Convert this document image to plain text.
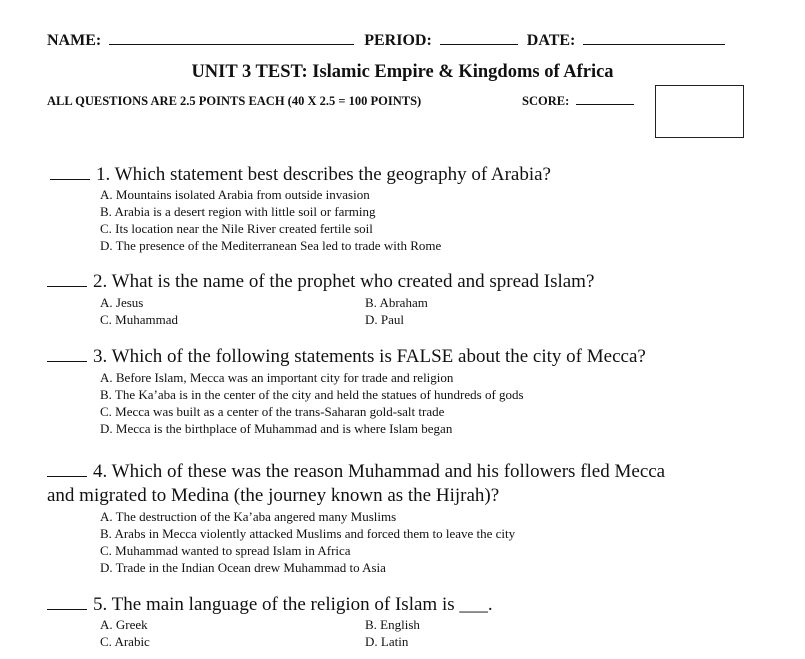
NAME:	PERIOD:	DATE:
UNIT 3 TEST: Islamic Empire & Kingdoms of Africa
ALL QUESTIONS ARE 2.5 POINTS EACH (40 X 2.5 = 100 POINTS)	SCORE:
1. Which statement best describes the geography of Arabia?
A. Mountains isolated Arabia from outside invasion
B. Arabia is a desert region with little soil or farming
C. Its location near the Nile River created fertile soil
D. The presence of the Mediterranean Sea led to trade with Rome
2. What is the name of the prophet who created and spread Islam?
A. Jesus	B. Abraham
C. Muhammad	D. Paul
3. Which of the following statements is FALSE about the city of Mecca?
A. Before Islam, Mecca was an important city for trade and religion
B. The Ka’aba is in the center of the city and held the statues of hundreds of gods
C. Mecca was built as a center of the trans-Saharan gold-salt trade
D. Mecca is the birthplace of Muhammad and is where Islam began
4. Which of these was the reason Muhammad and his followers fled Mecca
and migrated to Medina (the journey known as the Hijrah)?
A. The destruction of the Ka’aba angered many Muslims
B. Arabs in Mecca violently attacked Muslims and forced them to leave the city
C. Muhammad wanted to spread Islam in Africa
D. Trade in the Indian Ocean drew Muhammad to Asia
5. The main language of the religion of Islam is ___.
A. Greek	B. English
C. Arabic	D. Latin
